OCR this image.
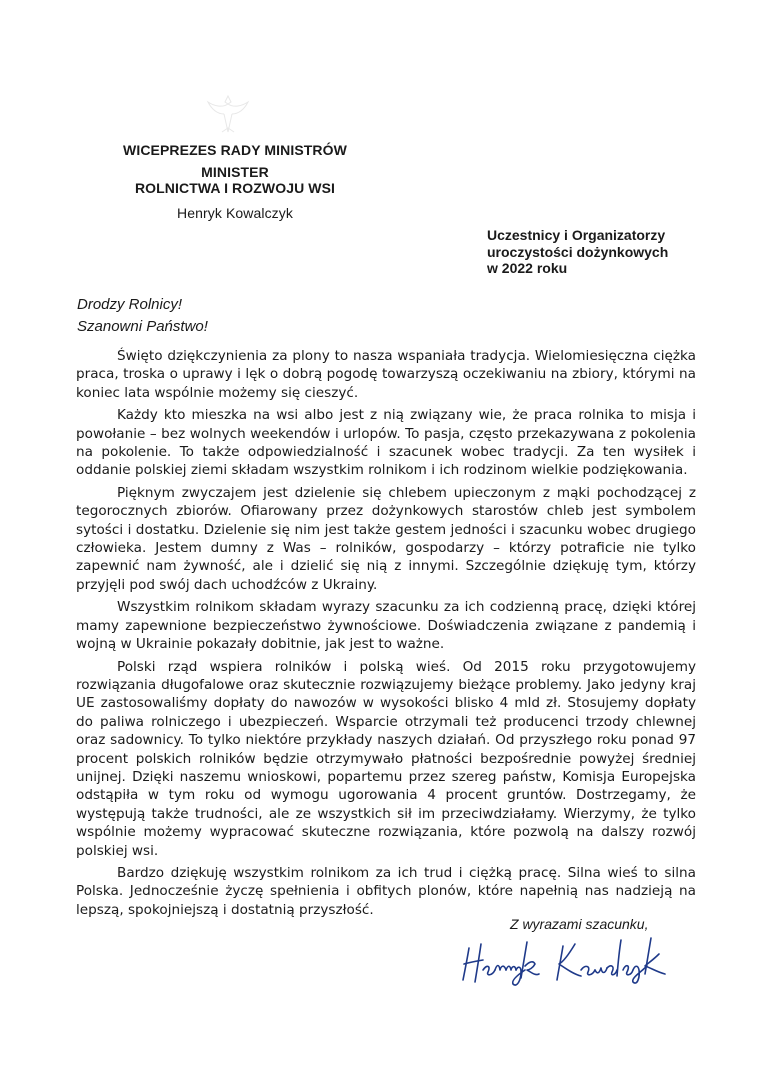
WICEPREZES RADY MINISTRÓW
MINISTER
ROLNICTWA I ROZWOJU WSI
Henryk Kowalczyk
Uczestnicy i Organizatorzy
uroczystości dożynkowych
w 2022 roku
Drodzy Rolnicy!
Szanowni Państwo!

Święto dziękczynienia za plony to nasza wspaniała tradycja. Wielomiesięczna ciężka praca, troska o uprawy i lęk o dobrą pogodę towarzyszą oczekiwaniu na zbiory, którymi na koniec lata wspólnie możemy się cieszyć.

Każdy kto mieszka na wsi albo jest z nią związany wie, że praca rolnika to misja i powołanie – bez wolnych weekendów i urlopów. To pasja, często przekazywana z pokolenia na pokolenie. To także odpowiedzialność i szacunek wobec tradycji. Za ten wysiłek i oddanie polskiej ziemi składam wszystkim rolnikom i ich rodzinom wielkie podziękowania.

Pięknym zwyczajem jest dzielenie się chlebem upieczonym z mąki pochodzącej z tegorocznych zbiorów. Ofiarowany przez dożynkowych starostów chleb jest symbolem sytości i dostatku. Dzielenie się nim jest także gestem jedności i szacunku wobec drugiego człowieka. Jestem dumny z Was – rolników, gospodarzy – którzy potraficie nie tylko zapewnić nam żywność, ale i dzielić się nią z innymi. Szczególnie dziękuję tym, którzy przyjęli pod swój dach uchodźców z Ukrainy.

Wszystkim rolnikom składam wyrazy szacunku za ich codzienną pracę, dzięki której mamy zapewnione bezpieczeństwo żywnościowe. Doświadczenia związane z pandemią i wojną w Ukrainie pokazały dobitnie, jak jest to ważne.

Polski rząd wspiera rolników i polską wieś. Od 2015 roku przygotowujemy rozwiązania długofalowe oraz skutecznie rozwiązujemy bieżące problemy. Jako jedyny kraj UE zastosowaliśmy dopłaty do nawozów w wysokości blisko 4 mld zł. Stosujemy dopłaty do paliwa rolniczego i ubezpieczeń. Wsparcie otrzymali też producenci trzody chlewnej oraz sadownicy. To tylko niektóre przykłady naszych działań. Od przyszłego roku ponad 97 procent polskich rolników będzie otrzymywało płatności bezpośrednie powyżej średniej unijnej. Dzięki naszemu wnioskowi, popartemu przez szereg państw, Komisja Europejska odstąpiła w tym roku od wymogu ugorowania 4 procent gruntów. Dostrzegamy, że występują także trudności, ale ze wszystkich sił im przeciwdziałamy. Wierzymy, że tylko wspólnie możemy wypracować skuteczne rozwiązania, które pozwolą na dalszy rozwój polskiej wsi.

Bardzo dziękuję wszystkim rolnikom za ich trud i ciężką pracę. Silna wieś to silna Polska. Jednocześnie życzę spełnienia i obfitych plonów, które napełnią nas nadzieją na lepszą, spokojniejszą i dostatnią przyszłość.

Z wyrazami szacunku,
